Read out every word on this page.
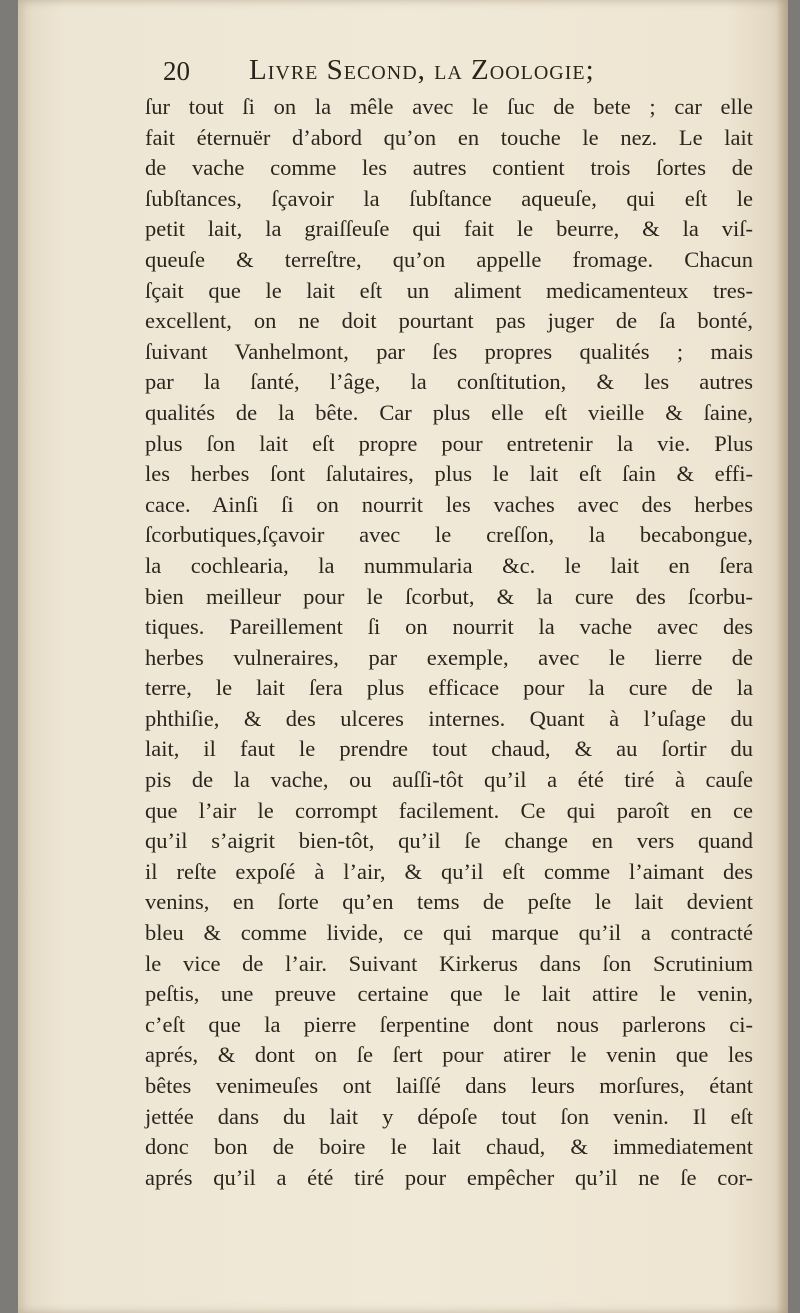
20 Livre Second, la Zoologie;
ſur tout ſi on la mêle avec le ſuc de bete ; car elle
fait éternuër d’abord qu’on en touche le nez. Le lait
de vache comme les autres contient trois ſortes de
ſubſtances, ſçavoir la ſubſtance aqueuſe, qui eſt le
petit lait, la graiſſeuſe qui fait le beurre, & la viſ-
queuſe & terreſtre, qu’on appelle fromage. Chacun
ſçait que le lait eſt un aliment medicamenteux tres-
excellent, on ne doit pourtant pas juger de ſa bonté,
ſuivant Vanhelmont, par ſes propres qualités ; mais
par la ſanté, l’âge, la conſtitution, & les autres
qualités de la bête. Car plus elle eſt vieille & ſaine,
plus ſon lait eſt propre pour entretenir la vie. Plus
les herbes ſont ſalutaires, plus le lait eſt ſain & effi-
cace. Ainſi ſi on nourrit les vaches avec des herbes
ſcorbutiques,ſçavoir avec le creſſon, la becabongue,
la cochlearia, la nummularia &c. le lait en ſera
bien meilleur pour le ſcorbut, & la cure des ſcorbu-
tiques. Pareillement ſi on nourrit la vache avec des
herbes vulneraires, par exemple, avec le lierre de
terre, le lait ſera plus efficace pour la cure de la
phthiſie, & des ulceres internes. Quant à l’uſage du
lait, il faut le prendre tout chaud, & au ſortir du
pis de la vache, ou auſſi-tôt qu’il a été tiré à cauſe
que l’air le corrompt facilement. Ce qui paroît en ce
qu’il s’aigrit bien-tôt, qu’il ſe change en vers quand
il reſte expoſé à l’air, & qu’il eſt comme l’aimant des
venins, en ſorte qu’en tems de peſte le lait devient
bleu & comme livide, ce qui marque qu’il a contracté
le vice de l’air. Suivant Kirkerus dans ſon Scrutinium
peſtis, une preuve certaine que le lait attire le venin,
c’eſt que la pierre ſerpentine dont nous parlerons ci-
aprés, & dont on ſe ſert pour atirer le venin que les
bêtes venimeuſes ont laiſſé dans leurs morſures, étant
jettée dans du lait y dépoſe tout ſon venin. Il eſt
donc bon de boire le lait chaud, & immediatement
aprés qu’il a été tiré pour empêcher qu’il ne ſe cor-
